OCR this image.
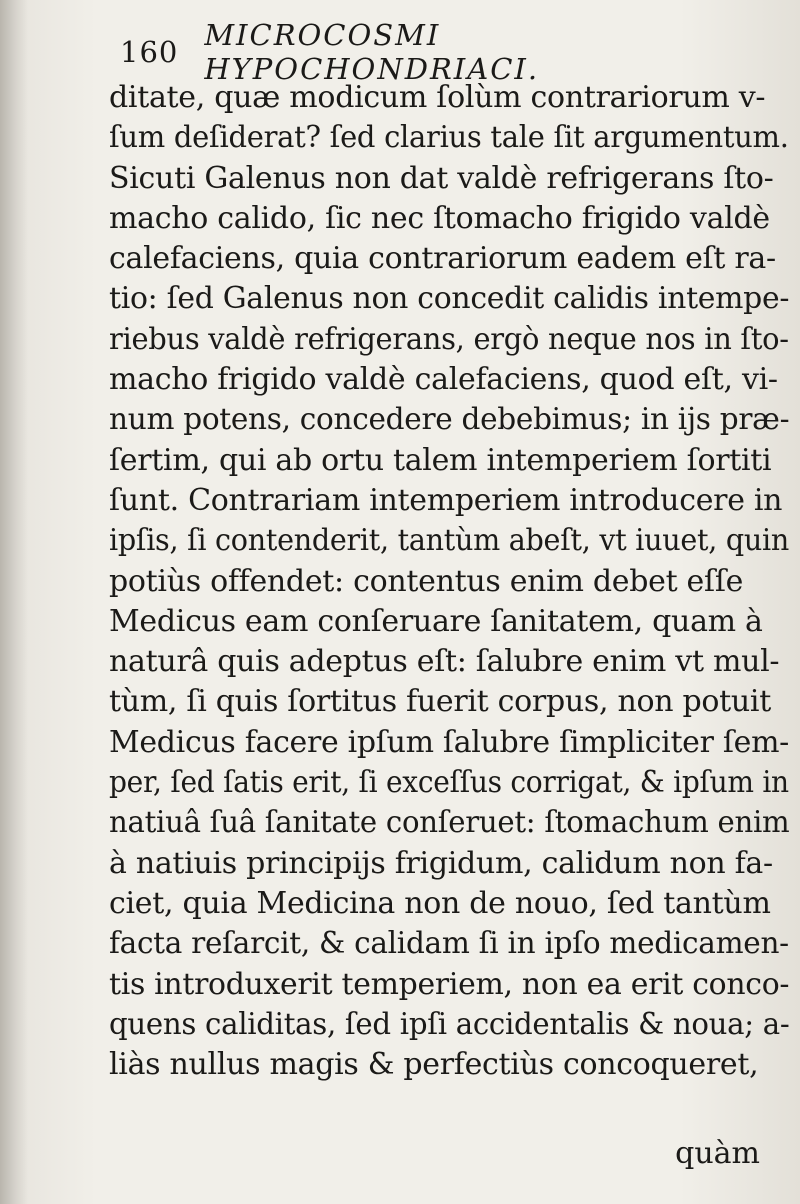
160 MICROCOSMI HYPOCHONDRIACI.
ditate, quæ modicum ſolùm contrariorum v-
ſum deſiderat? ſed clarius tale ſit argumentum.
Sicuti Galenus non dat valdè refrigerans ſto-
macho calido, ſic nec ſtomacho frigido valdè
calefaciens, quia contrariorum eadem eſt ra-
tio: ſed Galenus non concedit calidis intempe-
riebus valdè refrigerans, ergò neque nos in ſto-
macho frigido valdè calefaciens, quod eſt, vi-
num potens, concedere debebimus; in ijs præ-
ſertim, qui ab ortu talem intemperiem ſortiti
ſunt. Contrariam intemperiem introducere in
ipſis, ſi contenderit, tantùm abeſt, vt iuuet, quin
potiùs offendet: contentus enim debet eſſe
Medicus eam conſeruare ſanitatem, quam à
naturâ quis adeptus eſt: ſalubre enim vt mul-
tùm, ſi quis ſortitus fuerit corpus, non potuit
Medicus facere ipſum ſalubre ſimpliciter ſem-
per, ſed ſatis erit, ſi exceſſus corrigat, & ipſum in
natiuâ ſuâ ſanitate conſeruet: ſtomachum enim
à natiuis principijs frigidum, calidum non fa-
ciet, quia Medicina non de nouo, ſed tantùm
facta reſarcit, & calidam ſi in ipſo medicamen-
tis introduxerit temperiem, non ea erit conco-
quens caliditas, ſed ipſi accidentalis & noua; a-
liàs nullus magis & perfectiùs concoqueret,
quàm
